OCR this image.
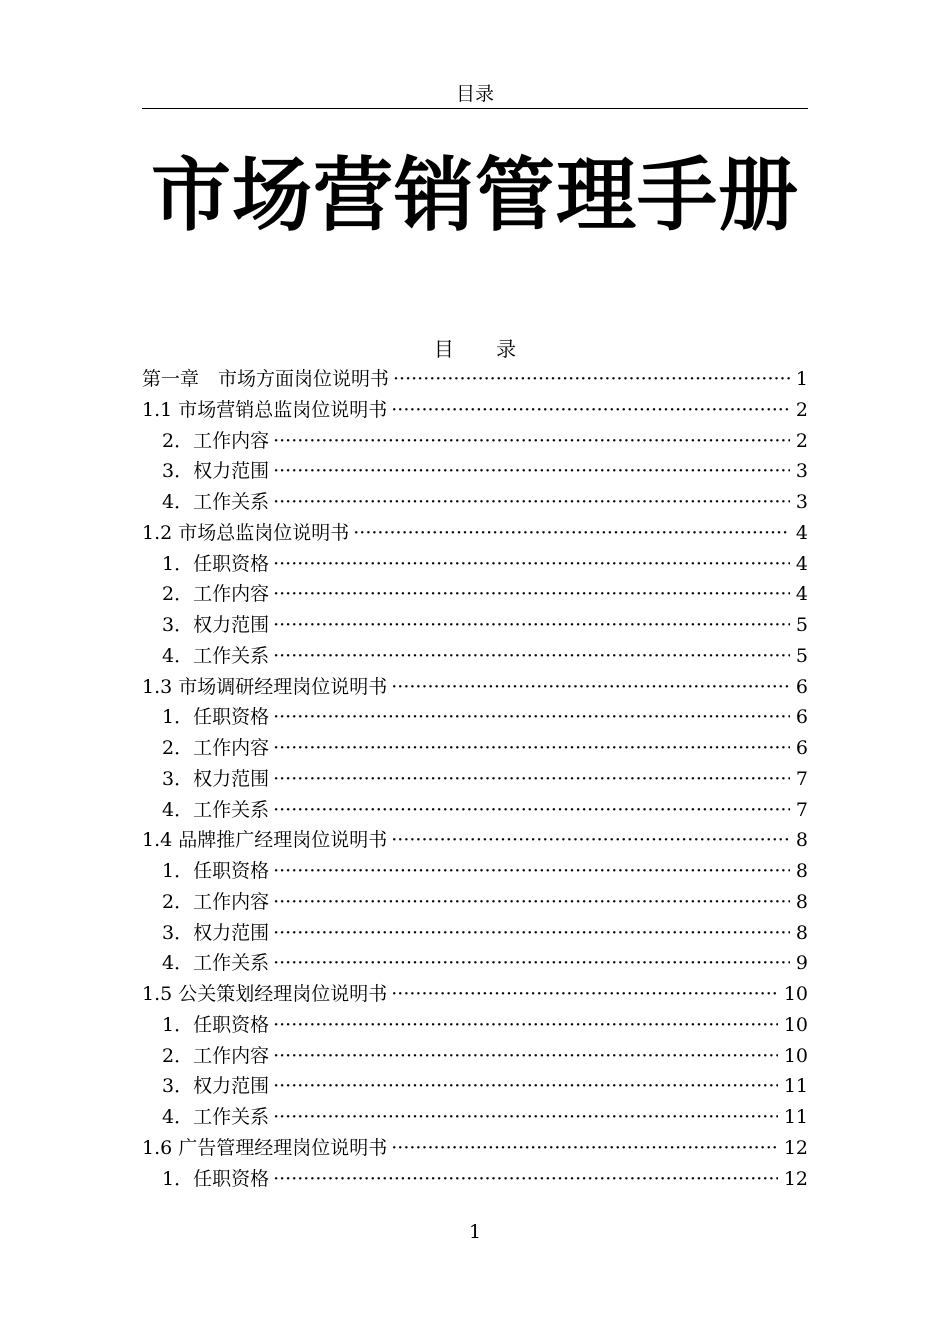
目录
市场营销管理手册
目 录
第一章　市场方面岗位说明书 ·····	1
1.1 市场营销总监岗位说明书 ·····	2
2．工作内容 ·····	2
3．权力范围 ·····	3
4．工作关系 ·····	3
1.2 市场总监岗位说明书 ·····	4
1．任职资格 ·····	4
2．工作内容 ·····	4
3．权力范围 ·····	5
4．工作关系 ·····	5
1.3 市场调研经理岗位说明书 ·····	6
1．任职资格 ·····	6
2．工作内容 ·····	6
3．权力范围 ·····	7
4．工作关系 ·····	7
1.4 品牌推广经理岗位说明书 ·····	8
1．任职资格 ·····	8
2．工作内容 ·····	8
3．权力范围 ·····	8
4．工作关系 ·····	9
1.5 公关策划经理岗位说明书 ·····	10
1．任职资格 ·····	10
2．工作内容 ·····	10
3．权力范围 ·····	11
4．工作关系 ·····	11
1.6 广告管理经理岗位说明书 ·····	12
1．任职资格 ·····	12
1
